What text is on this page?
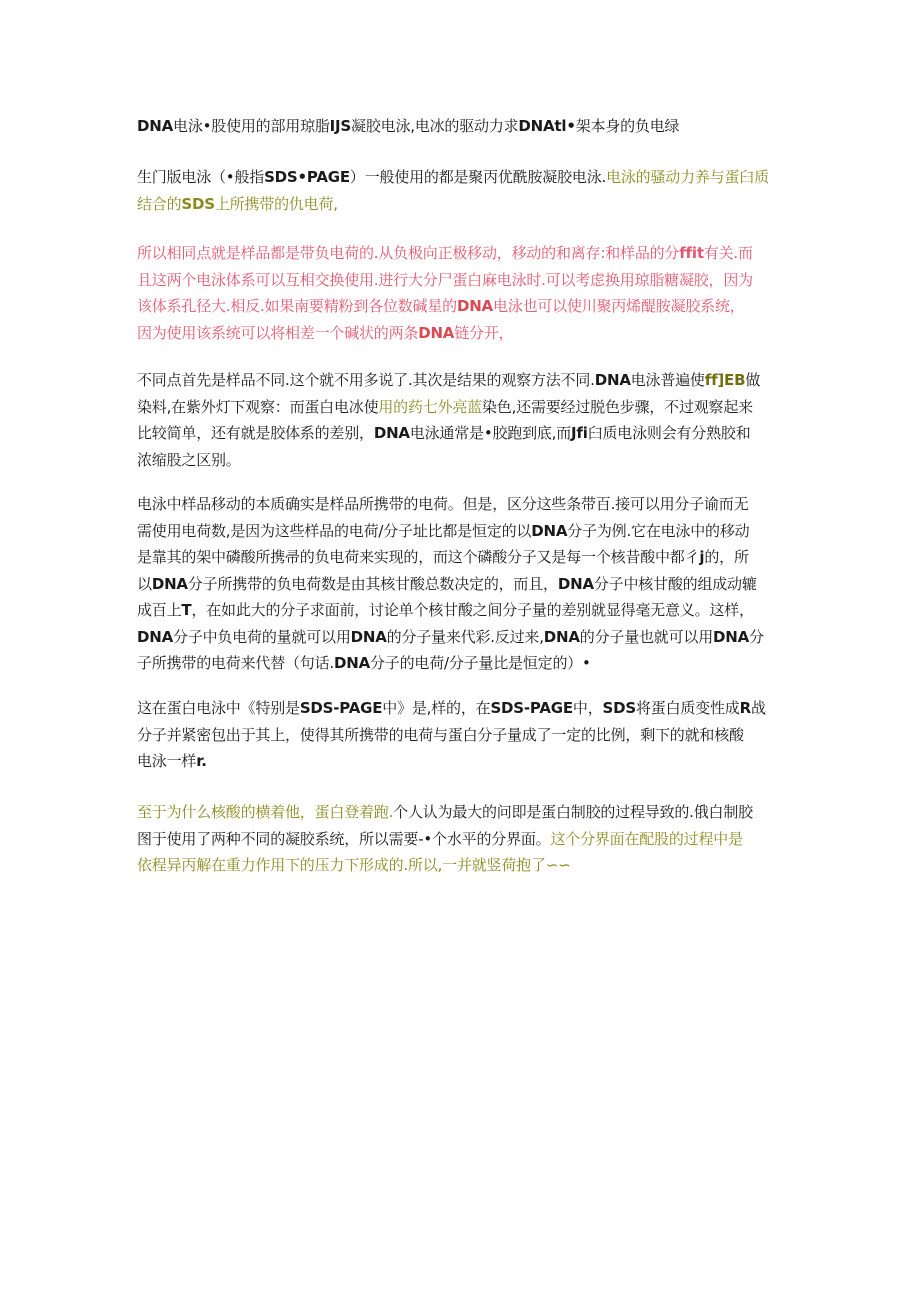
DNA电泳•股使用的部用琼脂IJS凝胶电泳,电冰的驱动力求DNAtl•架本身的负电绿

生门版电泳（•般指SDS•PAGE）一般使用的都是聚丙优酰胺凝胶电泳.电泳的骚动力养与蛋臼质
结合的SDS上所携带的仇电荷,

所以相同点就是样品都是带负电荷的.从负极向正极移动，移动的和离存:和样品的分ffit有关.而
且这两个电泳体系可以互相交换使用.进行大分尸蛋白麻电泳时.可以考虑换用琼脂糖凝胶，因为
该体系孔径大.相反.如果南要精粉到各位数碱星的DNA电泳也可以使川聚丙烯醍胺凝胶系统，
因为使用该系统可以将相差一个碱状的两条DNA链分开，

不同点首先是样品不同.这个就不用多说了.其次是结果的观察方法不同.DNA电泳普遍使ff]EB做
染料,在紫外灯下观察：而蛋白电冰使用的药七外亮蓝染色,还需要经过脱色步骤，不过观察起来
比较简单，还有就是胶体系的差别，DNA电泳通常是•胶跑到底,而Jfi臼质电泳则会有分熟胶和
浓缩股之区别。

电泳中样品移动的本质确实是样品所携带的电荷。但是，区分这些条带百.接可以用分子谕而无
需使用电荷数,是因为这些样品的电荷/分子址比都是恒定的以DNA分子为例.它在电泳中的移动
是靠其的架中磷酸所携帚的负电荷来实现的，而这个磷酸分子又是每一个核昔酸中都彳j的，所
以DNA分子所携带的负电荷数是由其核甘酸总数决定的，而且，DNA分子中核甘酸的组成动辘
成百上T，在如此大的分子求面前，讨论单个核甘酸之间分子量的差别就显得毫无意义。这样，
DNA分子中负电荷的量就可以用DNA的分子量来代彩.反过来,DNA的分子量也就可以用DNA分
子所携带的电荷来代替（句话.DNA分子的电荷/分子量比是恒定的）•

这在蛋白电泳中《特别是SDS-PAGE中》是,样的，在SDS-PAGE中，SDS将蛋白质变性成R战
分子并紧密包出于其上，使得其所携带的电荷与蛋白分子量成了一定的比例，剩下的就和核酸
电泳一样r.

至于为什么核酸的横着他，蛋白登着跑.个人认为最大的问即是蛋白制胶的过程导致的.俄白制胶
图于使用了两种不同的凝胶系统，所以需要-•个水平的分界面。这个分界面在配股的过程中是
依程异丙解在重力作用下的压力下形成的.所以,一并就竖荷抱了∽∽
